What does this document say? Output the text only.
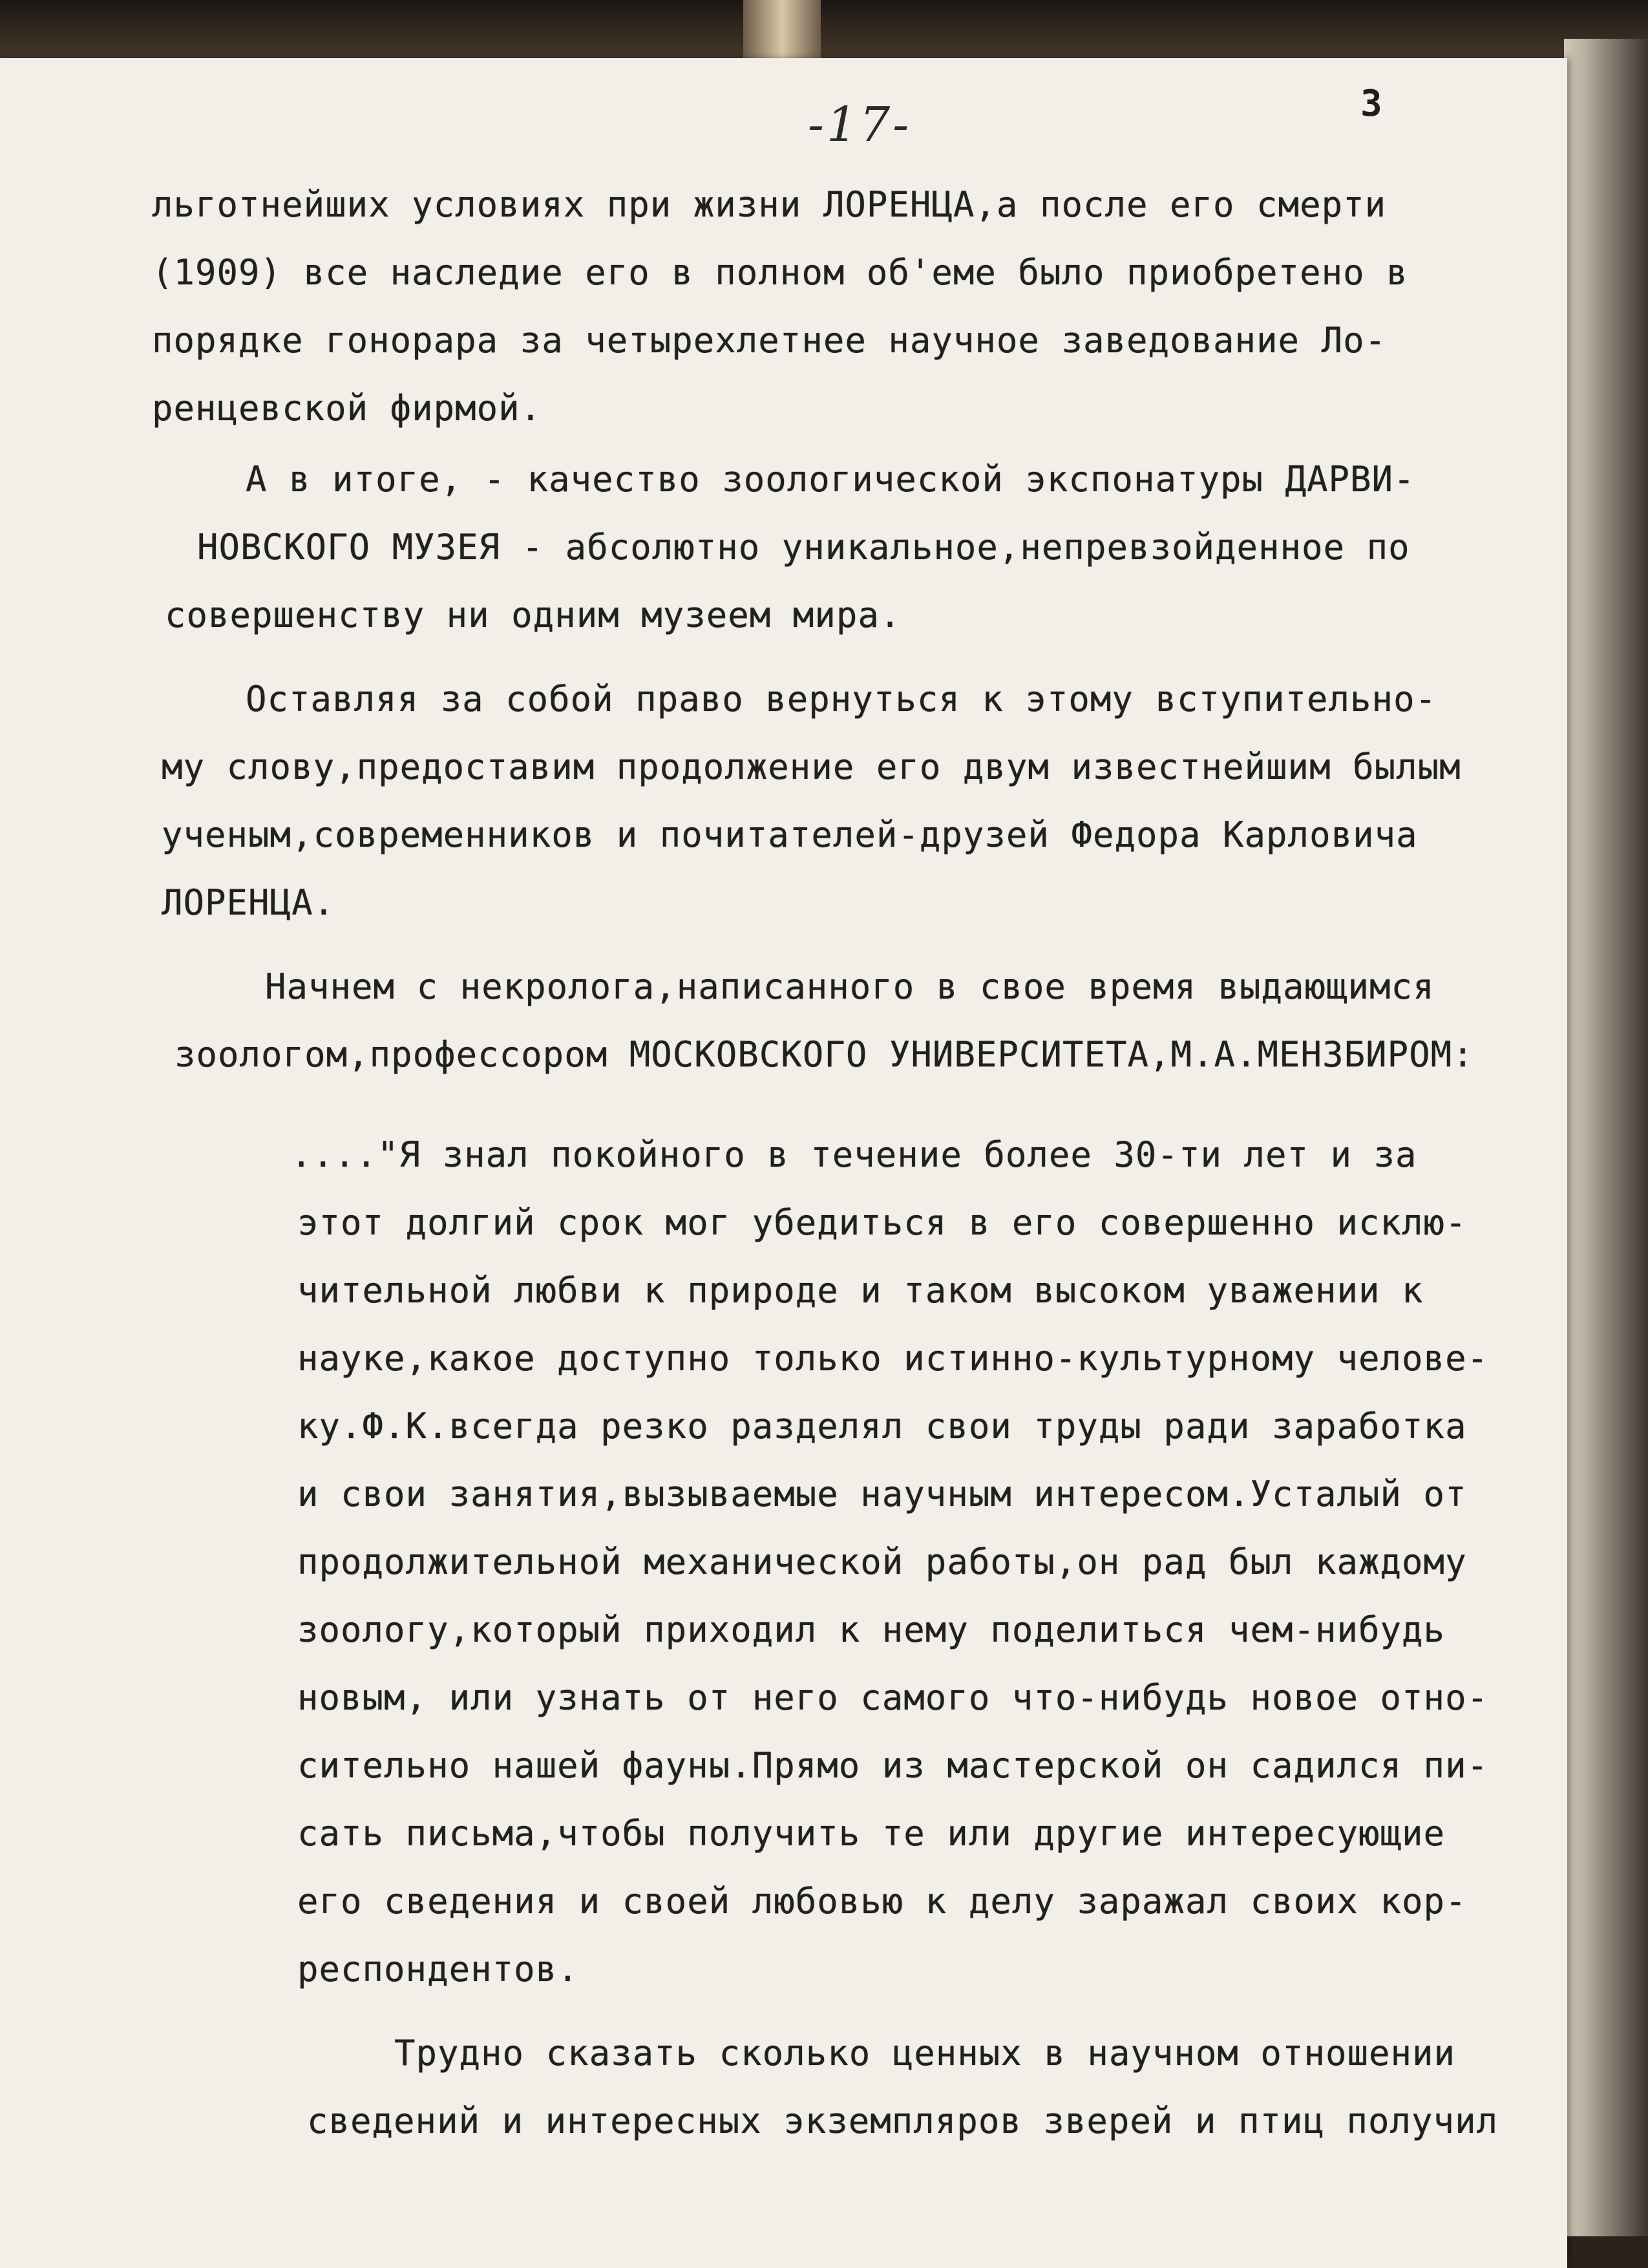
-17-	3
льготнейших условиях при жизни ЛОРЕНЦА,а после его смерти
(1909) все наследие его в полном об'еме было приобретено в
порядке гонорара за четырехлетнее научное заведование Ло-
ренцевской фирмой.
А в итоге, - качество зоологической экспонатуры ДАРВИ-
НОВСКОГО МУЗЕЯ - абсолютно уникальное,непревзойденное по
совершенству ни одним музеем мира.
Оставляя за собой право вернуться к этому вступительно-
му слову,предоставим продолжение его двум известнейшим былым
ученым,современников и почитателей-друзей Федора Карловича
ЛОРЕНЦА.
Начнем с некролога,написанного в свое время выдающимся
зоологом,профессором МОСКОВСКОГО УНИВЕРСИТЕТА,М.А.МЕНЗБИРОМ:
...."Я знал покойного в течение более 30-ти лет и за
этот долгий срок мог убедиться в его совершенно исклю-
чительной любви к природе и таком высоком уважении к
науке,какое доступно только истинно-культурному челове-
ку.Ф.К.всегда резко разделял свои труды ради заработка
и свои занятия,вызываемые научным интересом.Усталый от
продолжительной механической работы,он рад был каждому
зоологу,который приходил к нему поделиться чем-нибудь
новым, или узнать от него самого что-нибудь новое отно-
сительно нашей фауны.Прямо из мастерской он садился пи-
сать письма,чтобы получить те или другие интересующие
его сведения и своей любовью к делу заражал своих кор-
респондентов.
Трудно сказать сколько ценных в научном отношении
сведений и интересных экземпляров зверей и птиц получил
